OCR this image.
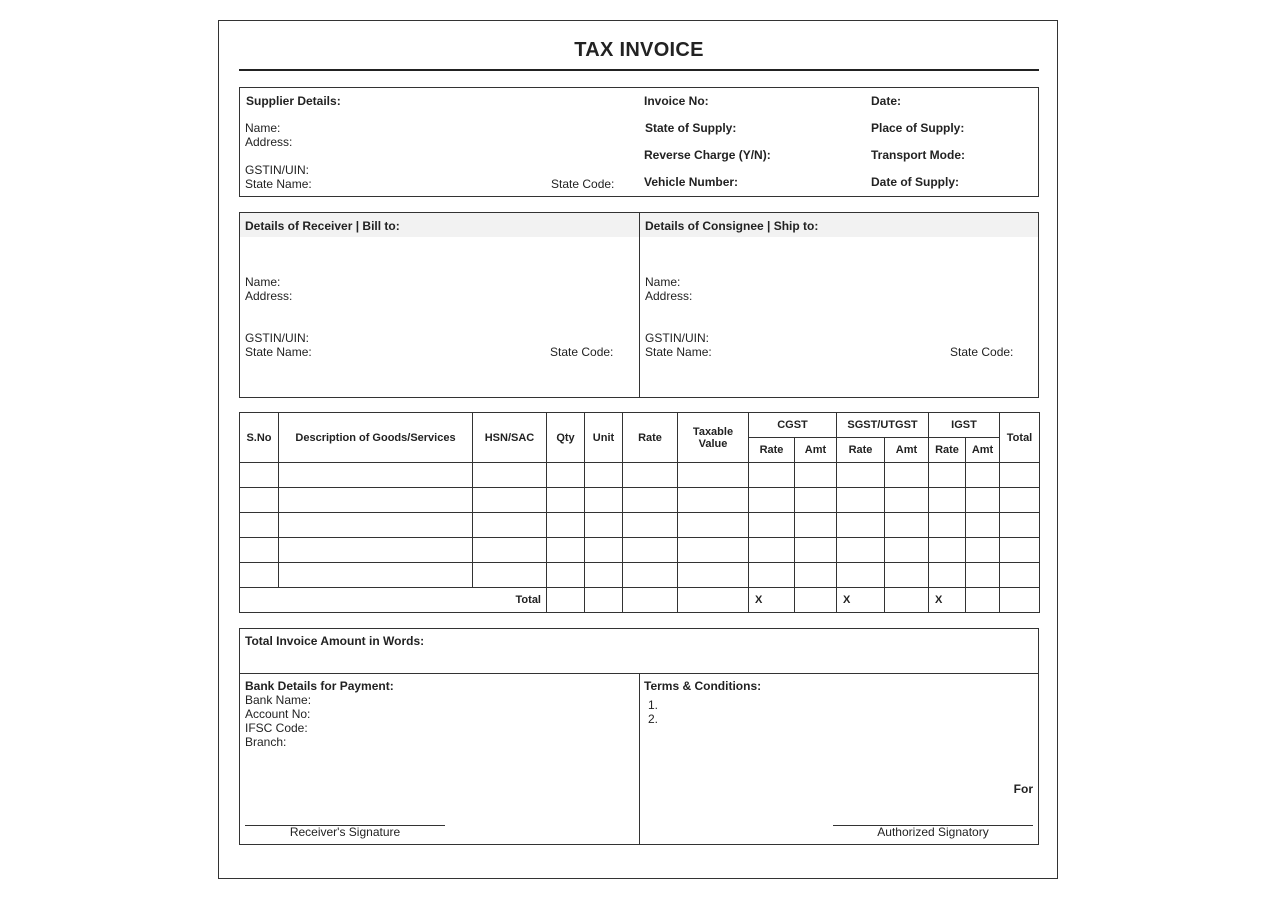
TAX INVOICE
Supplier Details:
Name:
Address:
GSTIN/UIN:
State Name:	State Code:
Invoice No:	Date:
State of Supply:	Place of Supply:
Reverse Charge (Y/N):	Transport Mode:
Vehicle Number:	Date of Supply:
Details of Receiver | Bill to:
Name:
Address:
GSTIN/UIN:
State Name:	State Code:
Details of Consignee | Ship to:
Name:
Address:
GSTIN/UIN:
State Name:	State Code:
S.No	Description of Goods/Services	HSN/SAC	Qty	Unit	Rate	Taxable Value	CGST		SGST/UTGST		IGST		Total
							Rate	Amt	Rate	Amt	Rate	Amt	

Total							X		X		X		
Total Invoice Amount in Words:
Bank Details for Payment:
Bank Name:
Account No:
IFSC Code:
Branch:
Receiver's Signature
Terms & Conditions:
1.
2.
For
Authorized Signatory
